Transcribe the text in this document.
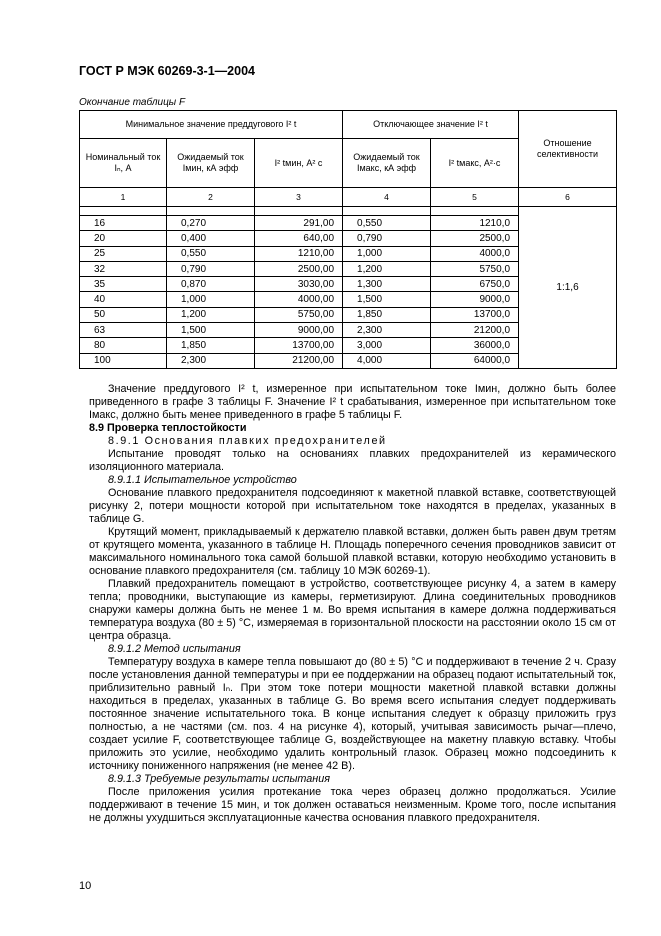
ГОСТ Р МЭК 60269-3-1—2004
Окончание таблицы F
Минимальное значение преддугового I² t			Отключающее значение I² t		Отношение селективности
Номинальный ток Iₙ, А	Ожидаемый ток Iмин, кА эфф	I² tмин, А² с	Ожидаемый ток Iмакс, кА эфф	I² tмакс, А²·с	
1	2	3	4	5	6
					1:1,6
16	0,270	291,00	0,550	1210,0	
20	0,400	640,00	0,790	2500,0	
25	0,550	1210,00	1,000	4000,0	
32	0,790	2500,00	1,200	5750,0	
35	0,870	3030,00	1,300	6750,0	
40	1,000	4000,00	1,500	9000,0	
50	1,200	5750,00	1,850	13700,0	
63	1,500	9000,00	2,300	21200,0	
80	1,850	13700,00	3,000	36000,0	
100	2,300	21200,00	4,000	64000,0	

Значение преддугового I² t, измеренное при испытательном токе Iмин, должно быть более приведенного в графе 3 таблицы F. Значение I² t срабатывания, измеренное при испытательном токе Iмакс, должно быть менее приведенного в графе 5 таблицы F.

8.9 Проверка теплостойкости

8.9.1 Основания плавких предохранителей

Испытание проводят только на основаниях плавких предохранителей из керамического изоляционного материала.

8.9.1.1 Испытательное устройство

Основание плавкого предохранителя подсоединяют к макетной плавкой вставке, соответствующей рисунку 2, потери мощности которой при испытательном токе находятся в пределах, указанных в таблице G.

Крутящий момент, прикладываемый к держателю плавкой вставки, должен быть равен двум третям от крутящего момента, указанного в таблице H. Площадь поперечного сечения проводников зависит от максимального номинального тока самой большой плавкой вставки, которую необходимо установить в основание плавкого предохранителя (см. таблицу 10 МЭК 60269-1).

Плавкий предохранитель помещают в устройство, соответствующее рисунку 4, а затем в камеру тепла; проводники, выступающие из камеры, герметизируют. Длина соединительных проводников снаружи камеры должна быть не менее 1 м. Во время испытания в камере должна поддерживаться температура воздуха (80 ± 5) °С, измеряемая в горизонтальной плоскости на расстоянии около 15 см от центра образца.

8.9.1.2 Метод испытания

Температуру воздуха в камере тепла повышают до (80 ± 5) °С и поддерживают в течение 2 ч. Сразу после установления данной температуры и при ее поддержании на образец подают испытательный ток, приблизительно равный Iₙ. При этом токе потери мощности макетной плавкой вставки должны находиться в пределах, указанных в таблице G. Во время всего испытания следует поддерживать постоянное значение испытательного тока. В конце испытания следует к образцу приложить груз полностью, а не частями (см. поз. 4 на рисунке 4), который, учитывая зависимость рычаг—плечо, создает усилие F, соответствующее таблице G, воздействующее на макетну плавкую вставку. Чтобы приложить это усилие, необходимо удалить контрольный глазок. Образец можно подсоединить к источнику пониженного напряжения (не менее 42 В).

8.9.1.3 Требуемые результаты испытания

После приложения усилия протекание тока через образец должно продолжаться. Усилие поддерживают в течение 15 мин, и ток должен оставаться неизменным. Кроме того, после испытания не должны ухудшиться эксплуатационные качества основания плавкого предохранителя.

10
